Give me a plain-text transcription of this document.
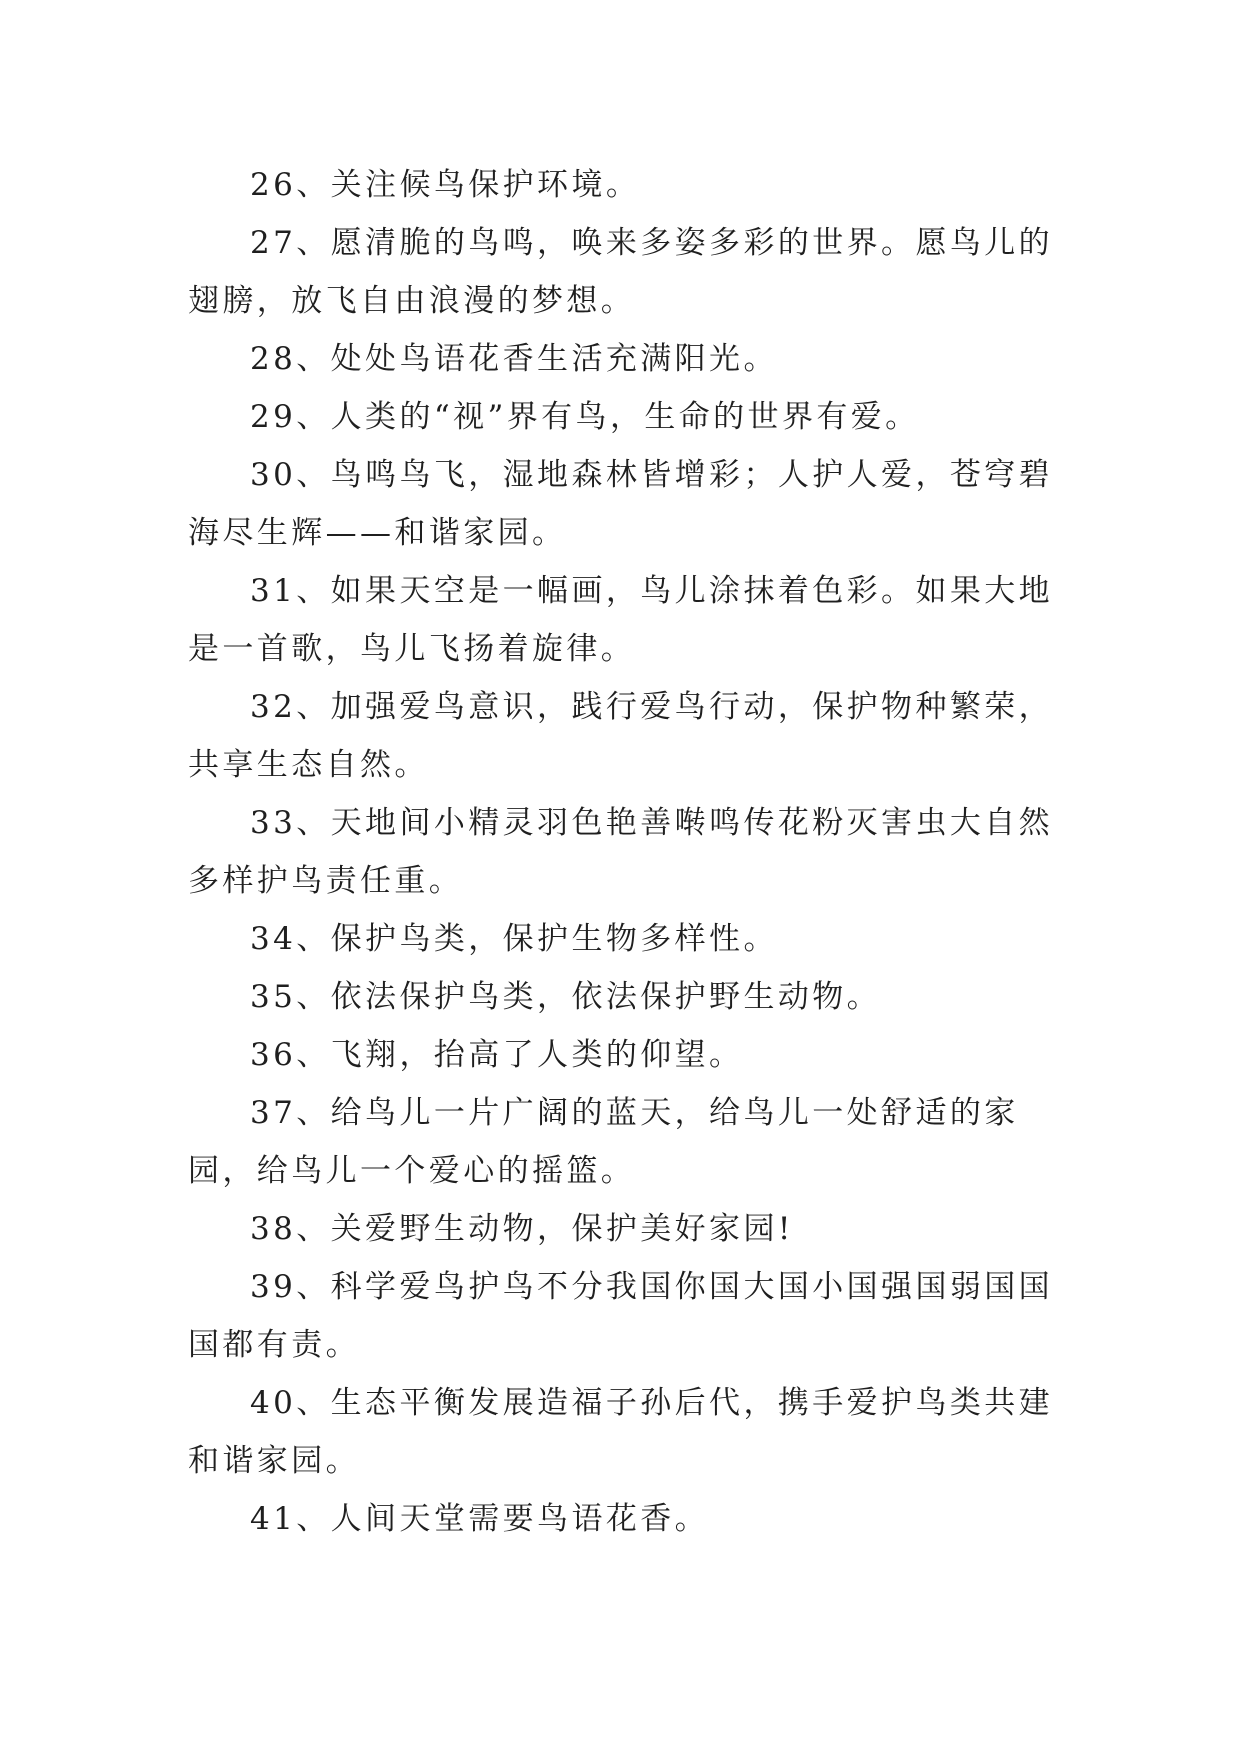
26、关注候鸟保护环境。

27、愿清脆的鸟鸣，唤来多姿多彩的世界。愿鸟儿的翅膀，放飞自由浪漫的梦想。

28、处处鸟语花香生活充满阳光。

29、人类的“视”界有鸟，生命的世界有爱。

30、鸟鸣鸟飞，湿地森林皆增彩；人护人爱，苍穹碧海尽生辉——和谐家园。

31、如果天空是一幅画，鸟儿涂抹着色彩。如果大地是一首歌，鸟儿飞扬着旋律。

32、加强爱鸟意识，践行爱鸟行动，保护物种繁荣，共享生态自然。

33、天地间小精灵羽色艳善啭鸣传花粉灭害虫大自然多样护鸟责任重。

34、保护鸟类，保护生物多样性。

35、依法保护鸟类，依法保护野生动物。

36、飞翔，抬高了人类的仰望。

37、给鸟儿一片广阔的蓝天，给鸟儿一处舒适的家园，给鸟儿一个爱心的摇篮。

38、关爱野生动物，保护美好家园!

39、科学爱鸟护鸟不分我国你国大国小国强国弱国国国都有责。

40、生态平衡发展造福子孙后代，携手爱护鸟类共建和谐家园。

41、人间天堂需要鸟语花香。
